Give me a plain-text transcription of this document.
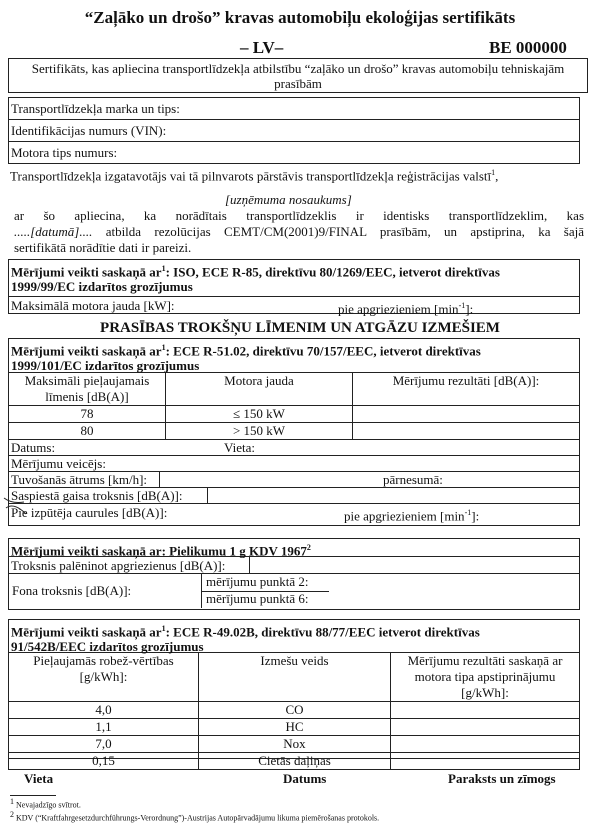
“Zaļāko un drošo” kravas automobiļu ekoloģijas sertifikāts
– LV–	BE 000000
Sertifikāts, kas apliecina transportlīdzekļa atbilstību “zaļāko un drošo” kravas automobiļu tehniskajām prasībām
Transportlīdzekļa marka un tips:
Identifikācijas numurs (VIN):
Motora tips numurs:
Transportlīdzekļa izgatavotājs vai tā pilnvarots pārstāvis transportlīdzekļa reģistrācijas valstī$^1$,
[uzņēmuma nosaukums]
ar šo apliecina, ka norādītais transportlīdzeklis ir identisks transportlīdzeklim, kas
.....[datumā].... atbilda rezolūcijas CEMT/CM(2001)9/FINAL prasībām, un apstiprina, ka šajā
sertifikātā norādītie dati ir pareizi.
Mērījumi veikti saskaņā $ar^1$: ISO, ECE R-85, direktīvu 80/1269/EEC, ietverot direktīvas
1999/99/EC izdarītos grozījumus
Maksimālā motora jauda [kW]:	pie apgriezieniem $[\min^{-1}]$:
PRASĪBAS TROKŠŅU LĪMENIM UN ATGĀZU IZMEŠIEM
Mērījumi veikti saskaņā $ar^1$: ECE R-51.02, direktīvu 70/157/EEC, ietverot direktīvas
1999/101/EC izdarītos grozījumus
Maksimāli pieļaujamais
līmenis [dB(A)]	Motora jauda	Mērījumu rezultāti [dB(A)]:
78	≤ 150 kW	
80	> 150 kW	
Datums:	Vieta:
Mērījumu veicējs:
Tuvošanās ātrums [km/h]:	pārnesumā:
Saspiestā gaisa troksnis [dB(A)]:
Pie izpūtēja caurules [dB(A)]:	pie apgriezieniem $[\min^{-1}]$:
Mērījumi veikti saskaņā ar: Pielikumu 1 g KDV 1967$^2$
Troksnis palēninot apgriezienus [dB(A)]:
Fona troksnis [dB(A)]:
mērījumu punktā 2:
mērījumu punktā 6:
Mērījumi veikti saskaņā $ar^1$: ECE R-49.02B, direktīvu 88/77/EEC ietverot direktīvas
91/542B/EEC izdarītos grozījumus
Pieļaujamās robež-vērtības
[g/kWh]:	Izmešu veids	Mērījumu rezultāti saskaņā ar
motora tipa apstiprinājumu [g/kWh]:
4,0	CO	
1,1	HC	
7,0	Nox	
0,15	Cietās daļiņas	
Vieta	Datums	Paraksts un zīmogs
$^1$ Nevajadzīgo svītrot.
$^2$ KDV (“Kraftfahrgesetzdurchführungs-Verordnung”)-Austrijas Autopārvadājumu likuma piemērošanas protokols.
